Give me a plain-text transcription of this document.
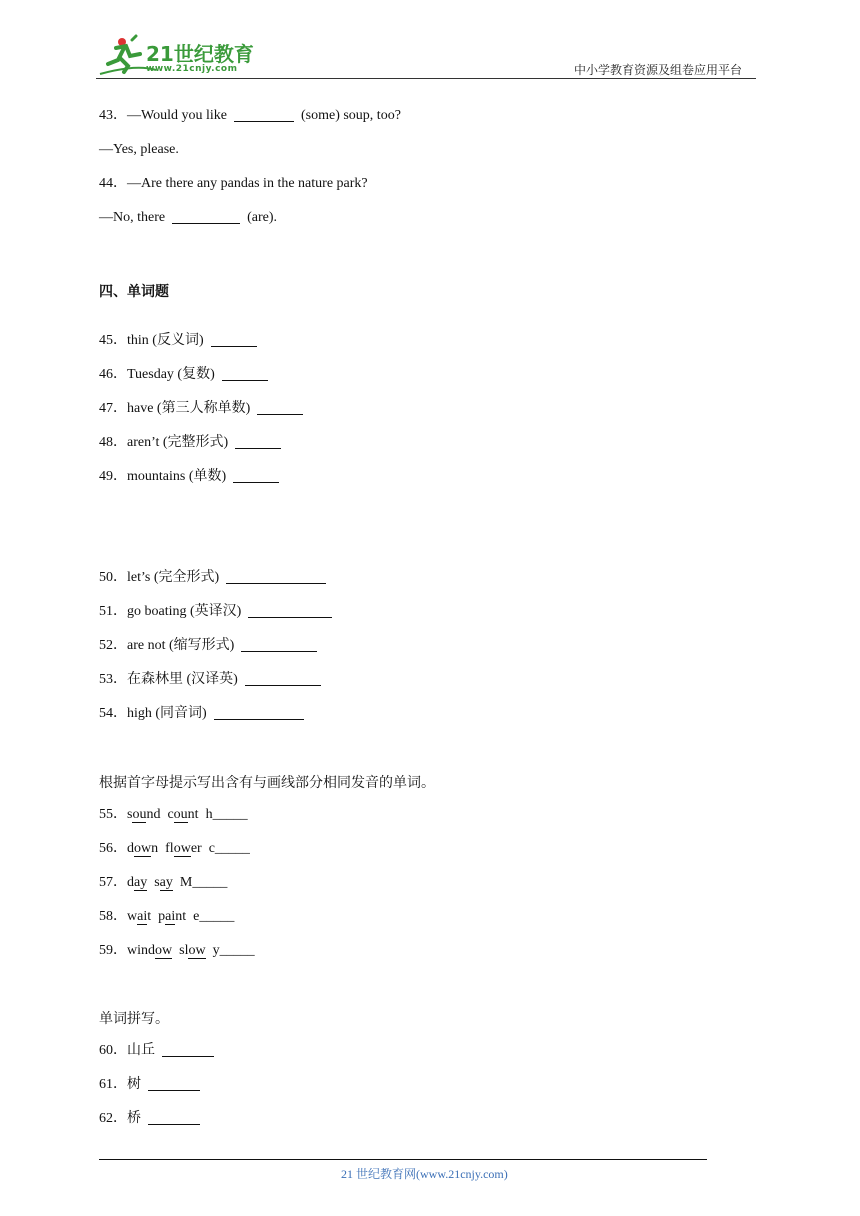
21世纪教育
www.21cnjy.com	中小学教育资源及组卷应用平台
43．—Would you like	(some) soup, too?
—Yes, please.
44．—Are there any pandas in the nature park?
—No, there	(are).
四、单词题
45．thin (反义词)
46．Tuesday (复数)
47．have (第三人称单数)
48．aren’t (完整形式)
49．mountains (单数)
50．let’s (完全形式)
51．go boating (英译汉)
52．are not (缩写形式)
53．在森林里 (汉译英)
54．high (同音词)
根据首字母提示写出含有与画线部分相同发音的单词。
55．sound count h_____
56．down flower c_____
57．day say M_____
58．wait paint e_____
59．window slow y_____
单词拼写。
60．山丘
61．树
62．桥
21 世纪教育网(www.21cnjy.com)
